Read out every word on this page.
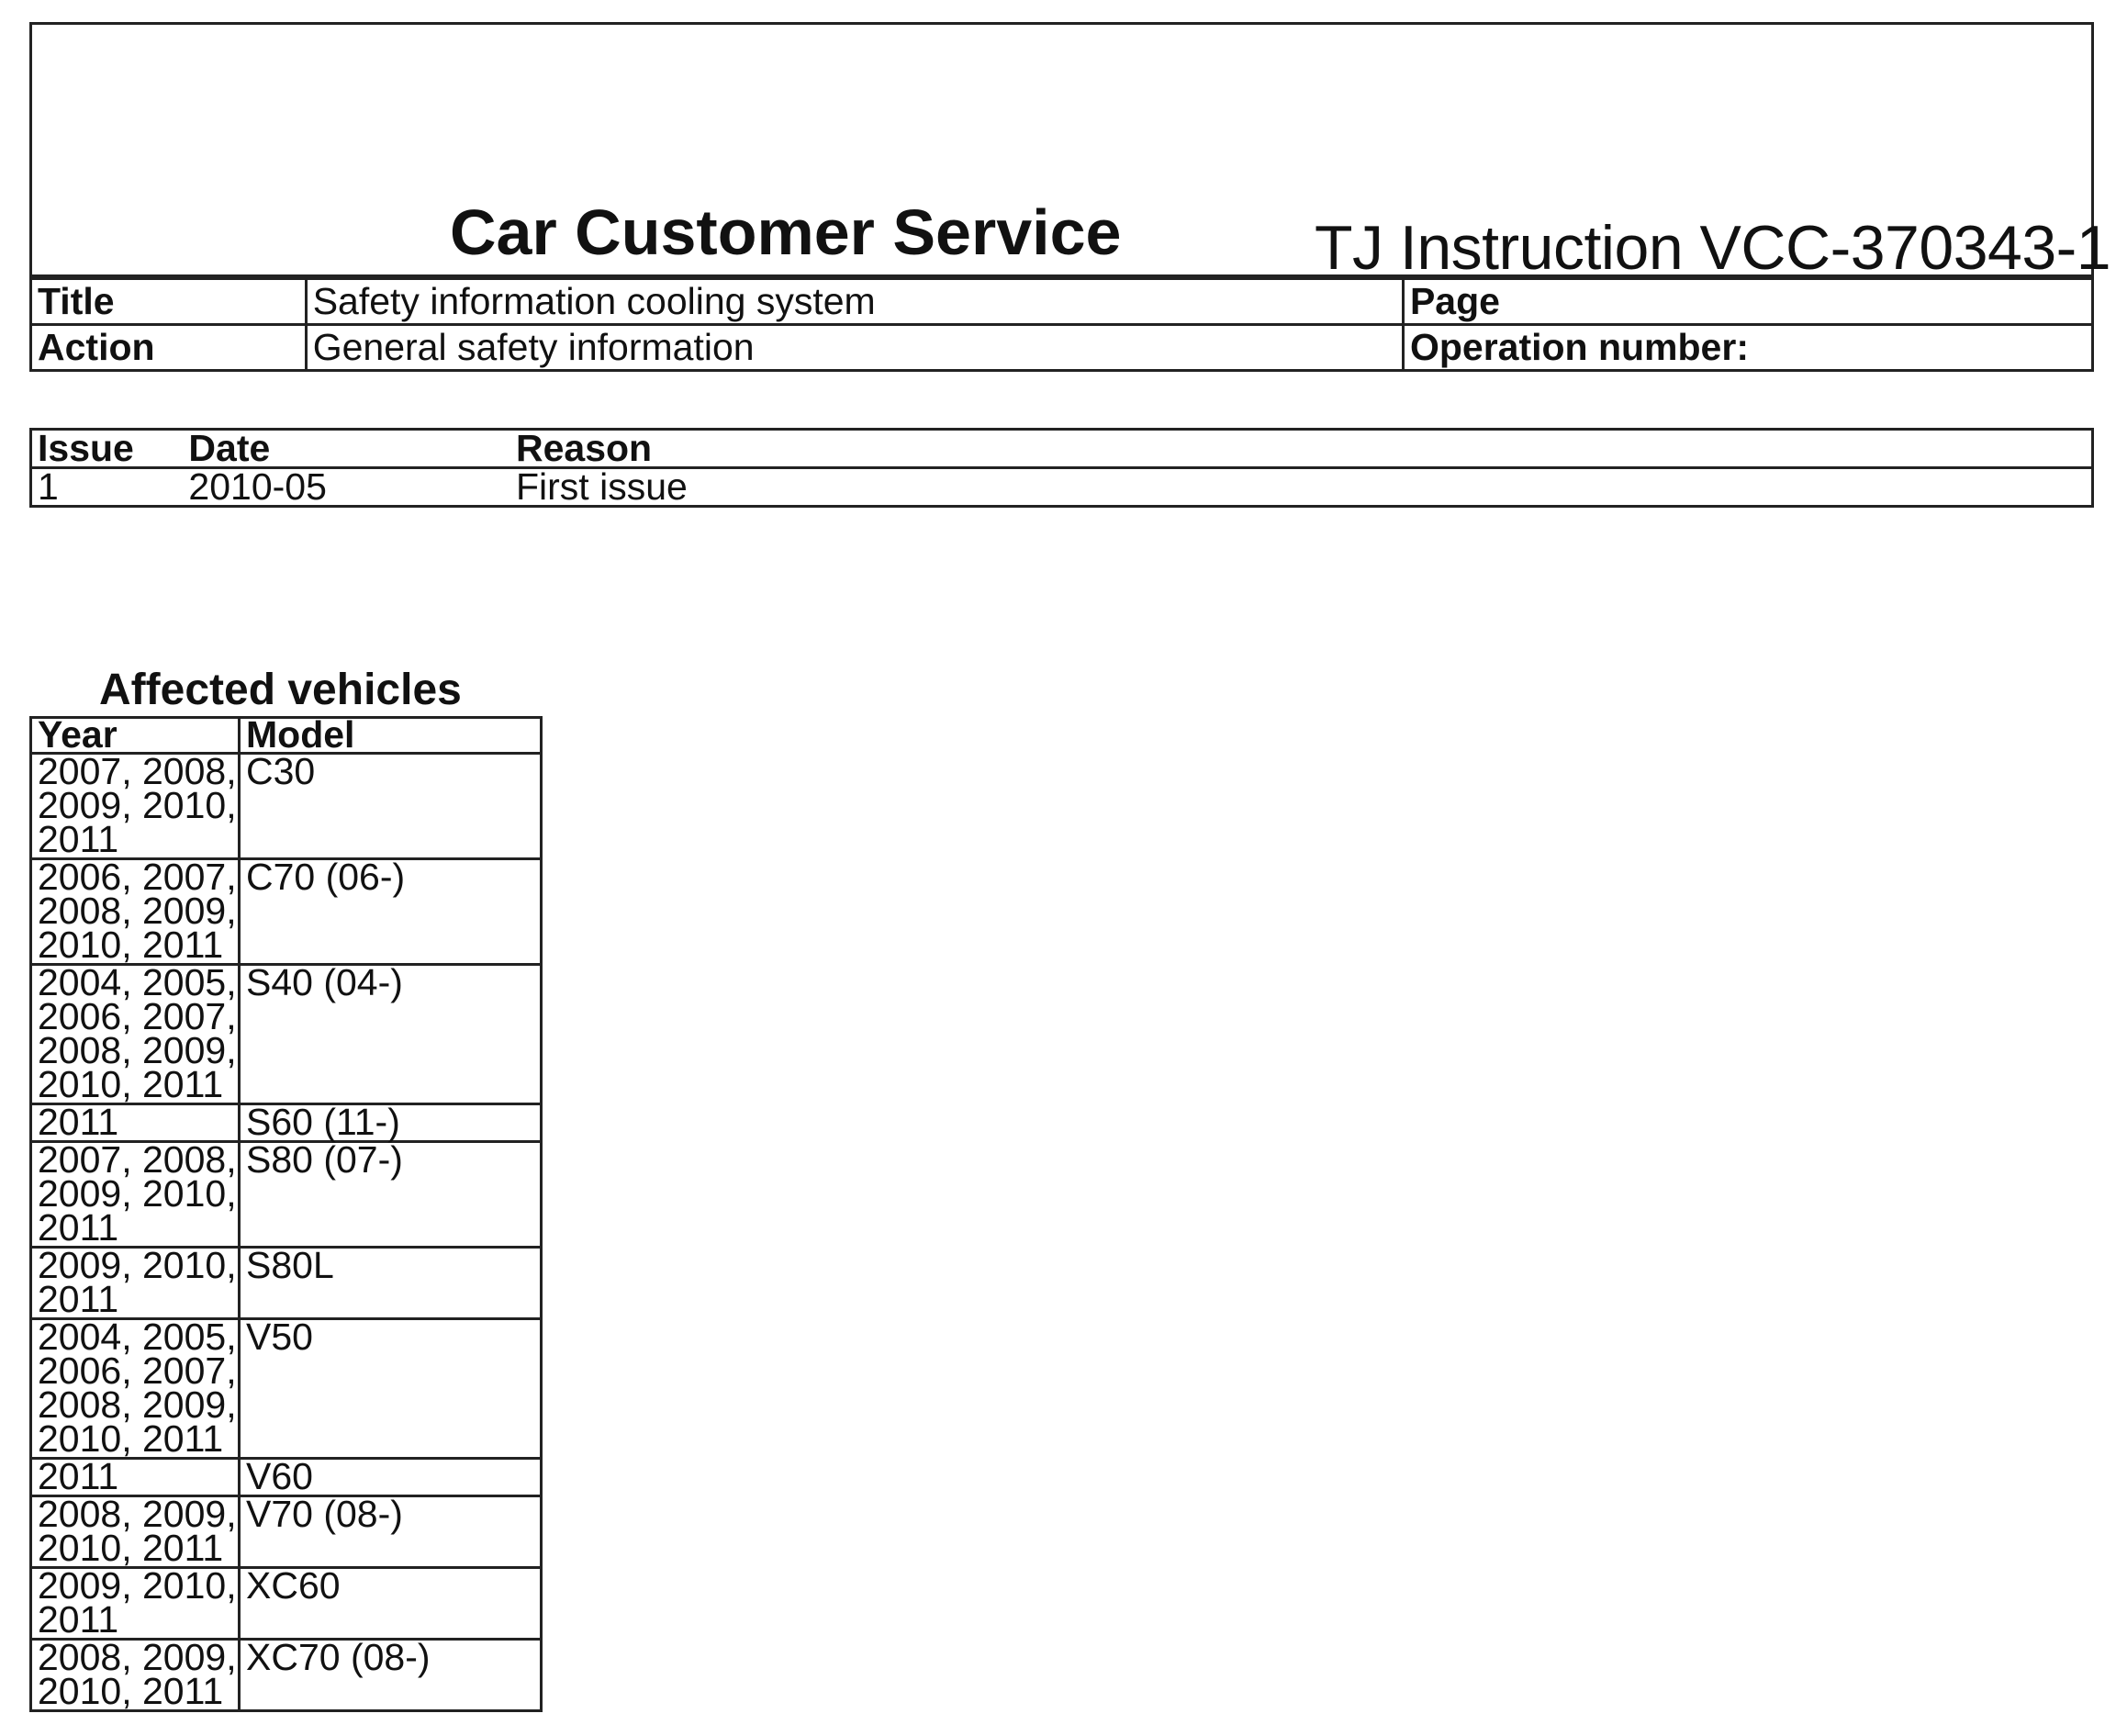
Car Customer Service	TJ Instruction VCC-370343-1
Title	Safety information cooling system	Page
Action	General safety information	Operation number:
Issue	Date	Reason
1	2010-05	First issue
Affected vehicles
Year	Model

2007, 2008,
2009, 2010,
2011	C30

2006, 2007,
2008, 2009,
2010, 2011	C70 (06-)

2004, 2005,
2006, 2007,
2008, 2009,
2010, 2011	S40 (04-)

2011	S60 (11-)

2007, 2008,
2009, 2010,
2011	S80 (07-)

2009, 2010,
2011	S80L

2004, 2005,
2006, 2007,
2008, 2009,
2010, 2011	V50

2011	V60

2008, 2009,
2010, 2011	V70 (08-)

2009, 2010,
2011	XC60

2008, 2009,
2010, 2011	XC70 (08-)
